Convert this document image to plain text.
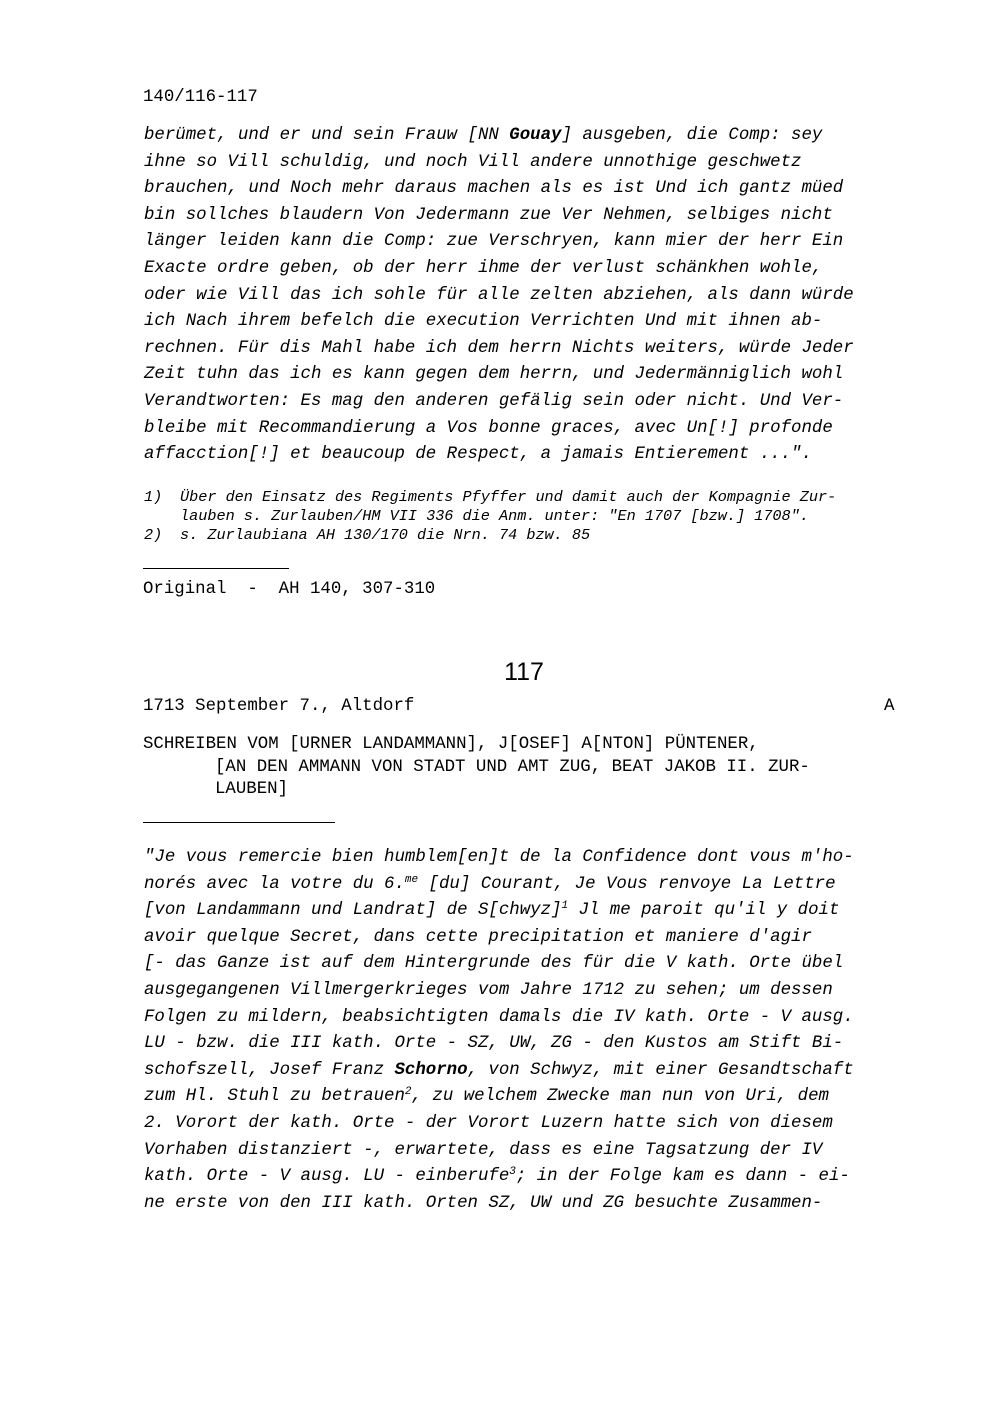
140/116-117
berümet, und er und sein Frauw [NN Gouay] ausgeben, die Comp: sey
ihne so Vill schuldig, und noch Vill andere unnothige geschwetz
brauchen, und Noch mehr daraus machen als es ist Und ich gantz müed
bin sollches blaudern Von Jedermann zue Ver Nehmen, selbiges nicht
länger leiden kann die Comp: zue Verschryen, kann mier der herr Ein
Exacte ordre geben, ob der herr ihme der verlust schänkhen wohle,
oder wie Vill das ich sohle für alle zelten abziehen, als dann würde
ich Nach ihrem befelch die execution Verrichten Und mit ihnen ab-
rechnen. Für dis Mahl habe ich dem herrn Nichts weiters, würde Jeder
Zeit tuhn das ich es kann gegen dem herrn, und Jedermänniglich wohl
Verandtworten: Es mag den anderen gefälig sein oder nicht. Und Ver-
bleibe mit Recommandierung a Vos bonne graces, avec Un[!] profonde
affacction[!] et beaucoup de Respect, a jamais Entierement ...".
1) Über den Einsatz des Regiments Pfyffer und damit auch der Kompagnie Zur-
lauben s. Zurlauben/HM VII 336 die Anm. unter: "En 1707 [bzw.] 1708".
2) s. Zurlaubiana AH 130/170 die Nrn. 74 bzw. 85
Original  -  AH 140, 307-310
117
1713 September 7., Altdorf	A
SCHREIBEN VOM [URNER LANDAMMANN], J[OSEF] A[NTON] PÜNTENER,
[AN DEN AMMANN VON STADT UND AMT ZUG, BEAT JAKOB II. ZUR-
LAUBEN]
"Je vous remercie bien humblem[en]t de la Confidence dont vous m'ho-
norés avec la votre du 6.$^{me}$ [du] Courant, Je Vous renvoye La Lettre
[von Landammann und Landrat] de S[chwyz]$^1$ Jl me paroit qu'il y doit
avoir quelque Secret, dans cette precipitation et maniere d'agir
[- das Ganze ist auf dem Hintergrunde des für die V kath. Orte übel
ausgegangenen Villmergerkrieges vom Jahre 1712 zu sehen; um dessen
Folgen zu mildern, beabsichtigten damals die IV kath. Orte - V ausg.
LU - bzw. die III kath. Orte - SZ, UW, ZG - den Kustos am Stift Bi-
schofszell, Josef Franz Schorno, von Schwyz, mit einer Gesandtschaft
zum Hl. Stuhl zu betrauen$^2$, zu welchem Zwecke man nun von Uri, dem
2. Vorort der kath. Orte - der Vorort Luzern hatte sich von diesem
Vorhaben distanziert -, erwartete, dass es eine Tagsatzung der IV
kath. Orte - V ausg. LU - einberufe$^3$; in der Folge kam es dann - ei-
ne erste von den III kath. Orten SZ, UW und ZG besuchte Zusammen-
